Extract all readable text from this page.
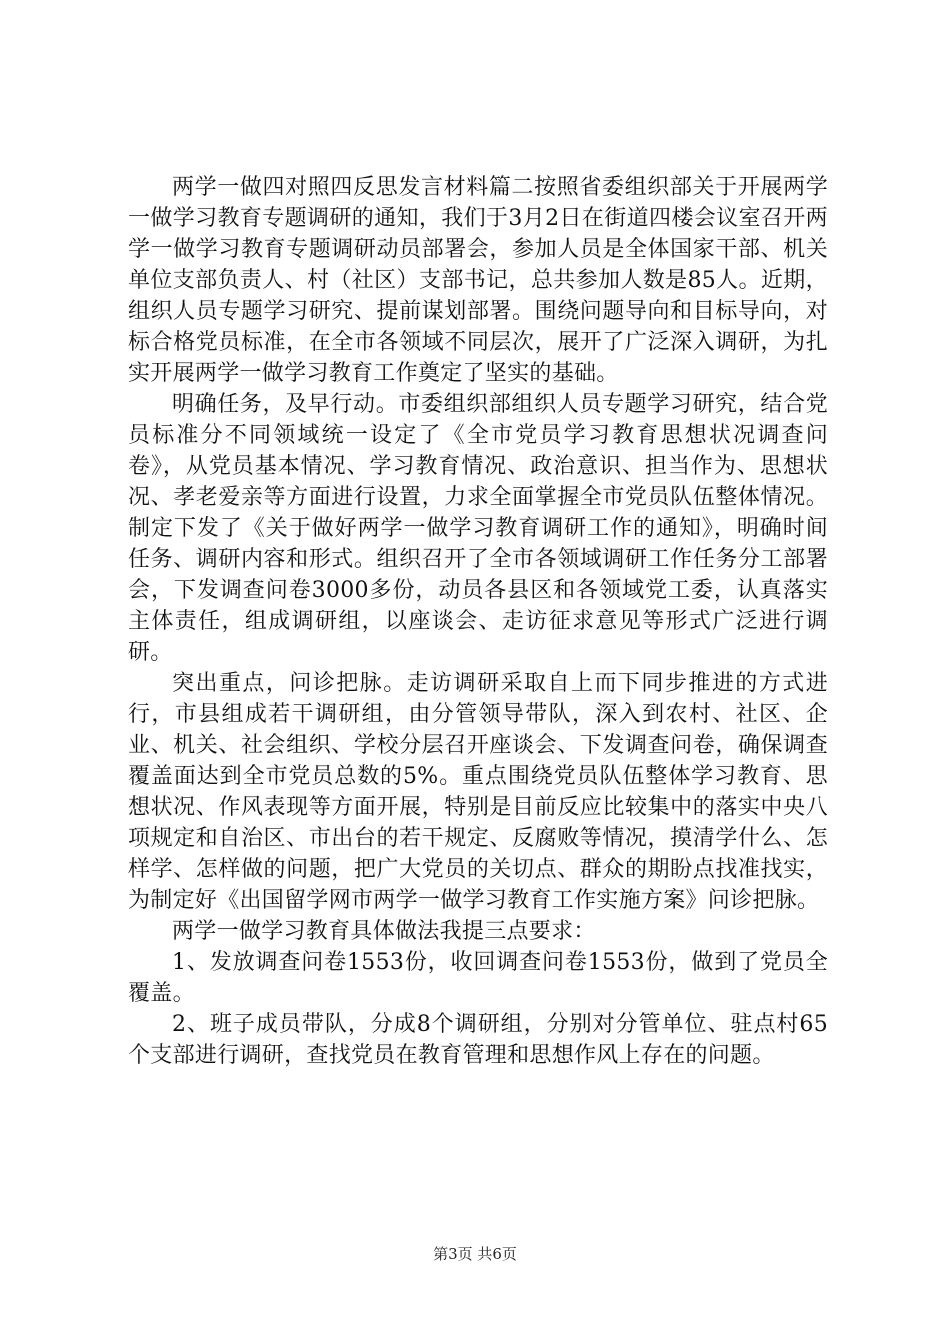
两学一做四对照四反思发言材料篇二按照省委组织部关于开展两学一做学习教育专题调研的通知，我们于3月2日在街道四楼会议室召开两学一做学习教育专题调研动员部署会，参加人员是全体国家干部、机关单位支部负责人、村（社区）支部书记，总共参加人数是85人。近期，组织人员专题学习研究、提前谋划部署。围绕问题导向和目标导向，对标合格党员标准，在全市各领域不同层次，展开了广泛深入调研，为扎实开展两学一做学习教育工作奠定了坚实的基础。

明确任务，及早行动。市委组织部组织人员专题学习研究，结合党员标准分不同领域统一设定了《全市党员学习教育思想状况调查问卷》，从党员基本情况、学习教育情况、政治意识、担当作为、思想状况、孝老爱亲等方面进行设置，力求全面掌握全市党员队伍整体情况。制定下发了《关于做好两学一做学习教育调研工作的通知》，明确时间任务、调研内容和形式。组织召开了全市各领域调研工作任务分工部署会，下发调查问卷3000多份，动员各县区和各领域党工委，认真落实主体责任，组成调研组，以座谈会、走访征求意见等形式广泛进行调研。

突出重点，问诊把脉。走访调研采取自上而下同步推进的方式进行，市县组成若干调研组，由分管领导带队，深入到农村、社区、企业、机关、社会组织、学校分层召开座谈会、下发调查问卷，确保调查覆盖面达到全市党员总数的5%。重点围绕党员队伍整体学习教育、思想状况、作风表现等方面开展，特别是目前反应比较集中的落实中央八项规定和自治区、市出台的若干规定、反腐败等情况，摸清学什么、怎样学、怎样做的问题，把广大党员的关切点、群众的期盼点找准找实，为制定好《出国留学网市两学一做学习教育工作实施方案》问诊把脉。

两学一做学习教育具体做法我提三点要求：

1、发放调查问卷1553份，收回调查问卷1553份，做到了党员全覆盖。

2、班子成员带队，分成8个调研组，分别对分管单位、驻点村65个支部进行调研，查找党员在教育管理和思想作风上存在的问题。

第3页 共6页
